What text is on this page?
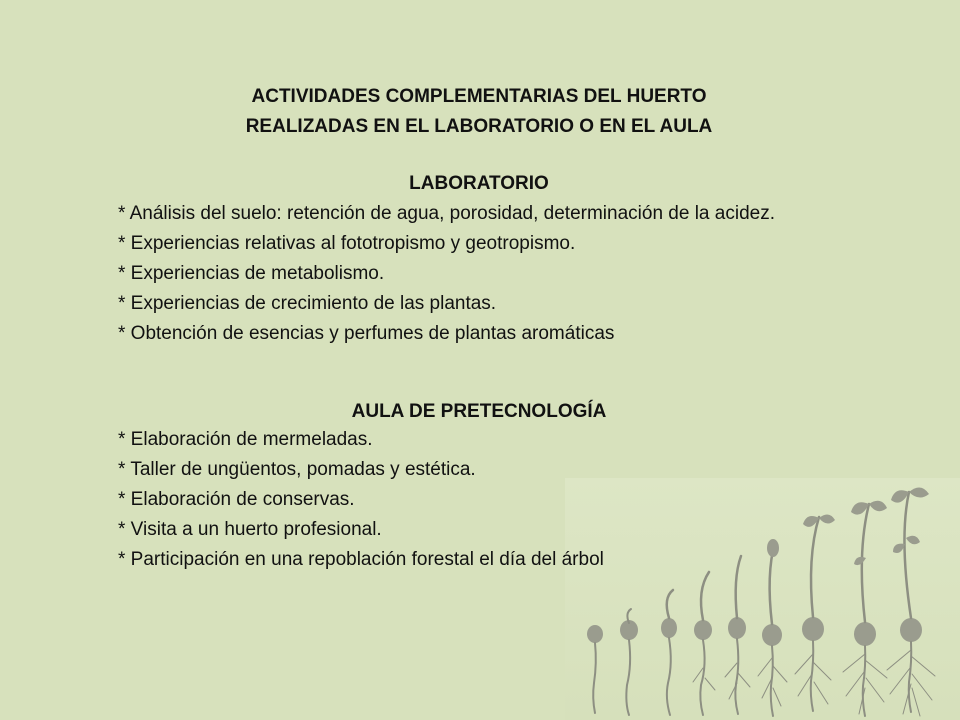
ACTIVIDADES COMPLEMENTARIAS DEL HUERTO
REALIZADAS EN EL LABORATORIO O EN EL AULA
LABORATORIO
* Análisis del suelo: retención de agua, porosidad, determinación de la acidez.
* Experiencias relativas al fototropismo y geotropismo.
* Experiencias de metabolismo.
* Experiencias de crecimiento de las plantas.
* Obtención de esencias y perfumes de plantas aromáticas
AULA DE PRETECNOLOGÍA
* Elaboración de mermeladas.
* Taller de ungüentos, pomadas y estética.
* Elaboración de conservas.
* Visita a un huerto profesional.
* Participación en una repoblación forestal el día del árbol
